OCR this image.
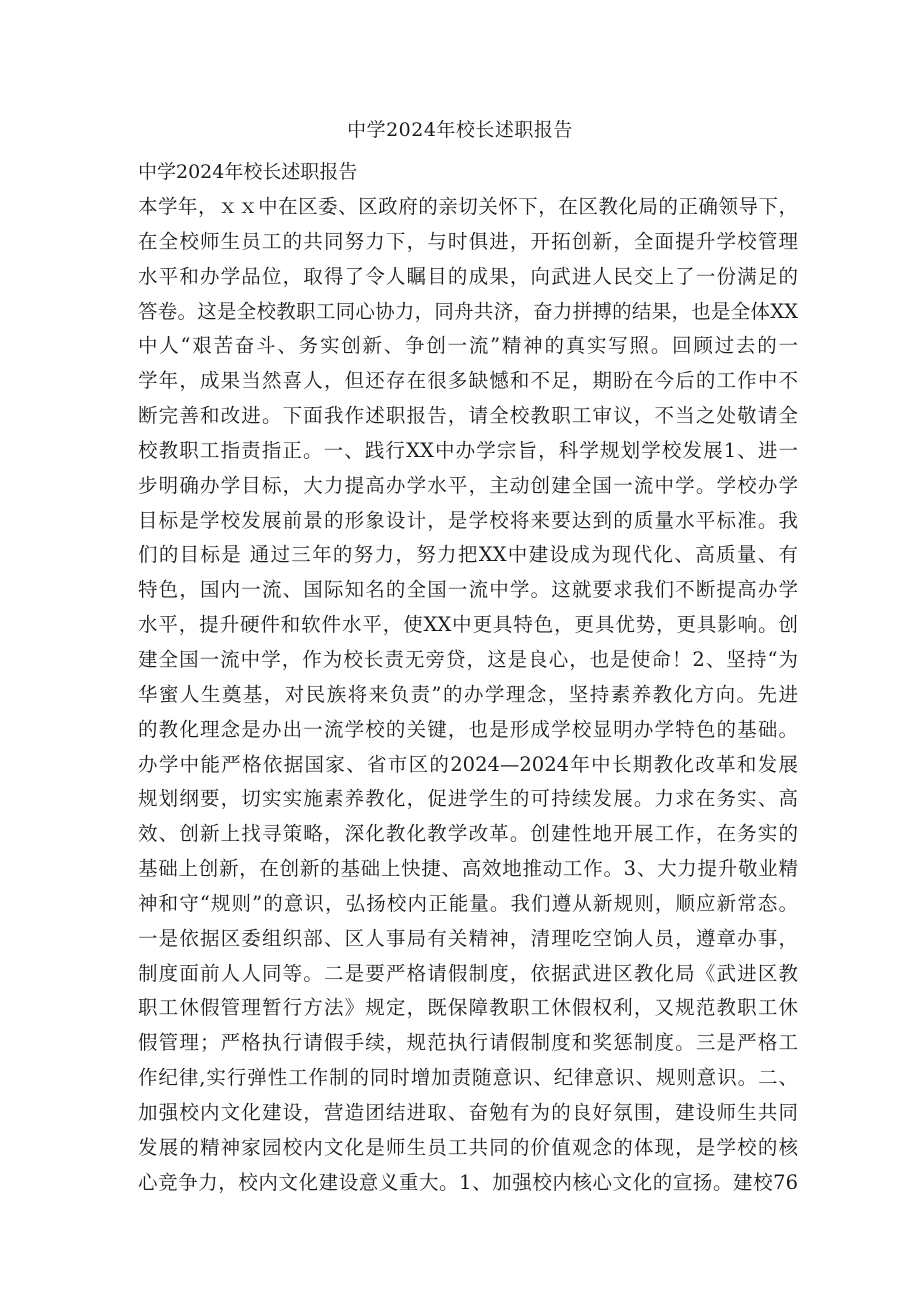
中学2024年校长述职报告
中学2024年校长述职报告
本学年，ｘｘ中在区委、区政府的亲切关怀下，在区教化局的正确领导下，
在全校师生员工的共同努力下，与时俱进，开拓创新，全面提升学校管理
水平和办学品位，取得了令人瞩目的成果，向武进人民交上了一份满足的
答卷。这是全校教职工同心协力，同舟共济，奋力拼搏的结果，也是全体XX
中人“艰苦奋斗、务实创新、争创一流”精神的真实写照。回顾过去的一
学年，成果当然喜人，但还存在很多缺憾和不足，期盼在今后的工作中不
断完善和改进。下面我作述职报告，请全校教职工审议，不当之处敬请全
校教职工指责指正。一、践行XX中办学宗旨，科学规划学校发展1、进一
步明确办学目标，大力提高办学水平，主动创建全国一流中学。学校办学
目标是学校发展前景的形象设计，是学校将来要达到的质量水平标准。我
们的目标是 通过三年的努力，努力把XX中建设成为现代化、高质量、有
特色，国内一流、国际知名的全国一流中学。这就要求我们不断提高办学
水平，提升硬件和软件水平，使XX中更具特色，更具优势，更具影响。创
建全国一流中学，作为校长责无旁贷，这是良心，也是使命！2、坚持“为
华蜜人生奠基，对民族将来负责”的办学理念，坚持素养教化方向。先进
的教化理念是办出一流学校的关键，也是形成学校显明办学特色的基础。
办学中能严格依据国家、省市区的2024—2024年中长期教化改革和发展
规划纲要，切实实施素养教化，促进学生的可持续发展。力求在务实、高
效、创新上找寻策略，深化教化教学改革。创建性地开展工作，在务实的
基础上创新，在创新的基础上快捷、高效地推动工作。3、大力提升敬业精
神和守“规则”的意识，弘扬校内正能量。我们遵从新规则，顺应新常态。
一是依据区委组织部、区人事局有关精神，清理吃空饷人员，遵章办事，
制度面前人人同等。二是要严格请假制度，依据武进区教化局《武进区教
职工休假管理暂行方法》规定，既保障教职工休假权利，又规范教职工休
假管理；严格执行请假手续，规范执行请假制度和奖惩制度。三是严格工
作纪律,实行弹性工作制的同时增加责随意识、纪律意识、规则意识。二、
加强校内文化建设，营造团结进取、奋勉有为的良好氛围，建设师生共同
发展的精神家园校内文化是师生员工共同的价值观念的体现，是学校的核
心竞争力，校内文化建设意义重大。1、加强校内核心文化的宣扬。建校76
